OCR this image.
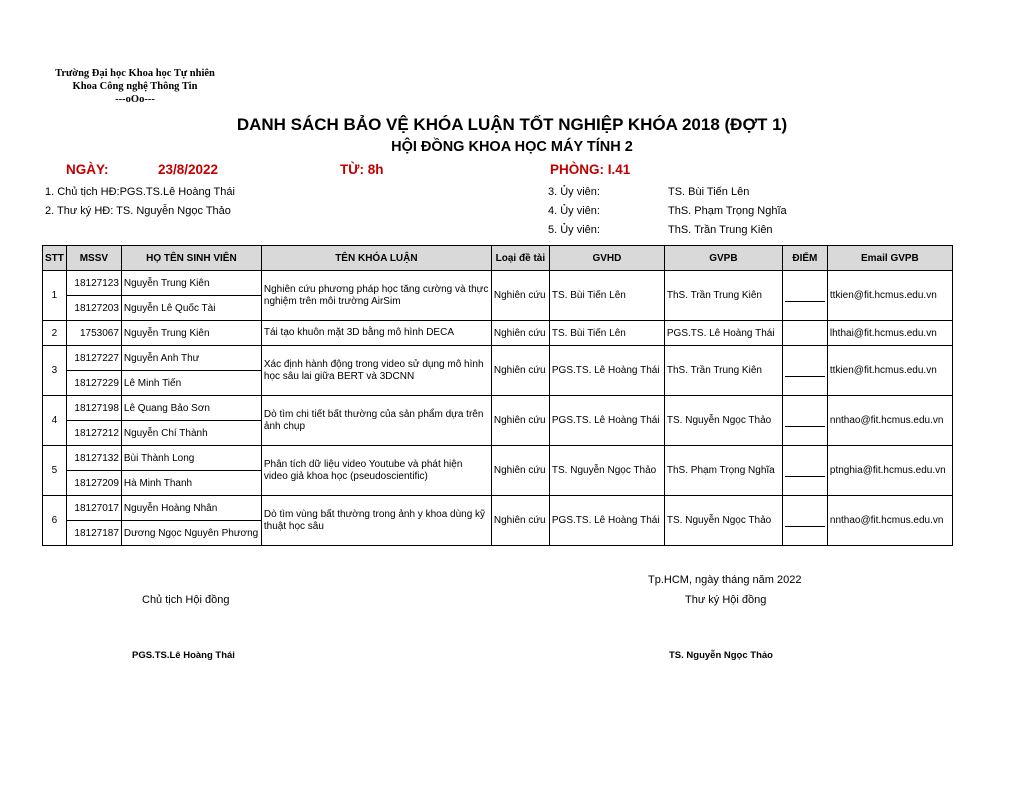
Trường Đại học Khoa học Tự nhiên
Khoa Công nghệ Thông Tin
---oOo---
DANH SÁCH BẢO VỆ KHÓA LUẬN TỐT NGHIỆP KHÓA 2018 (ĐỢT 1)
HỘI ĐỒNG KHOA HỌC MÁY TÍNH 2
NGÀY:	23/8/2022	TỪ: 8h	PHÒNG: I.41
1. Chủ tịch HĐ:PGS.TS.Lê Hoàng Thái
2. Thư ký HĐ: TS. Nguyễn Ngọc Thảo
3. Ủy viên:	TS. Bùi Tiến Lên
4. Ủy viên:	ThS. Phạm Trọng Nghĩa
5. Ủy viên:	ThS. Trần Trung Kiên
STT	MSSV	HỌ TÊN SINH VIÊN	TÊN KHÓA LUẬN	Loại đề tài	GVHD	GVPB	ĐIỂM	Email GVPB
1	18127123	Nguyễn Trung Kiên	Nghiên cứu phương pháp học tăng cường và thực nghiệm trên môi trường AirSim	Nghiên cứu	TS. Bùi Tiến Lên	ThS. Trần Trung Kiên		ttkien@fit.hcmus.edu.vn
	18127203	Nguyễn Lê Quốc Tài						
2	1753067	Nguyễn Trung Kiên	Tái tạo khuôn mặt 3D bằng mô hình DECA	Nghiên cứu	TS. Bùi Tiến Lên	PGS.TS. Lê Hoàng Thái		lhthai@fit.hcmus.edu.vn
3	18127227	Nguyễn Anh Thư	Xác định hành động trong video sử dụng mô hình học sâu lai giữa BERT và 3DCNN	Nghiên cứu	PGS.TS. Lê Hoàng Thái	ThS. Trần Trung Kiên		ttkien@fit.hcmus.edu.vn
	18127229	Lê Minh Tiến						
4	18127198	Lê Quang Bảo Sơn	Dò tìm chi tiết bất thường của sản phẩm dựa trên ảnh chụp	Nghiên cứu	PGS.TS. Lê Hoàng Thái	TS. Nguyễn Ngọc Thảo		nnthao@fit.hcmus.edu.vn
	18127212	Nguyễn Chí Thành						
5	18127132	Bùi Thành Long	Phân tích dữ liệu video Youtube và phát hiện video giả khoa học (pseudoscientific)	Nghiên cứu	TS. Nguyễn Ngọc Thảo	ThS. Phạm Trọng Nghĩa		ptnghia@fit.hcmus.edu.vn
	18127209	Hà Minh Thanh						
6	18127017	Nguyễn Hoàng Nhân	Dò tìm vùng bất thường trong ảnh y khoa dùng kỹ thuật học sâu	Nghiên cứu	PGS.TS. Lê Hoàng Thái	TS. Nguyễn Ngọc Thảo		nnthao@fit.hcmus.edu.vn
	18127187	Dương Ngọc Nguyên Phương						
Tp.HCM, ngày tháng năm 2022
Chủ tịch Hội đồng	Thư ký Hội đồng
PGS.TS.Lê Hoàng Thái	TS. Nguyễn Ngọc Thảo
